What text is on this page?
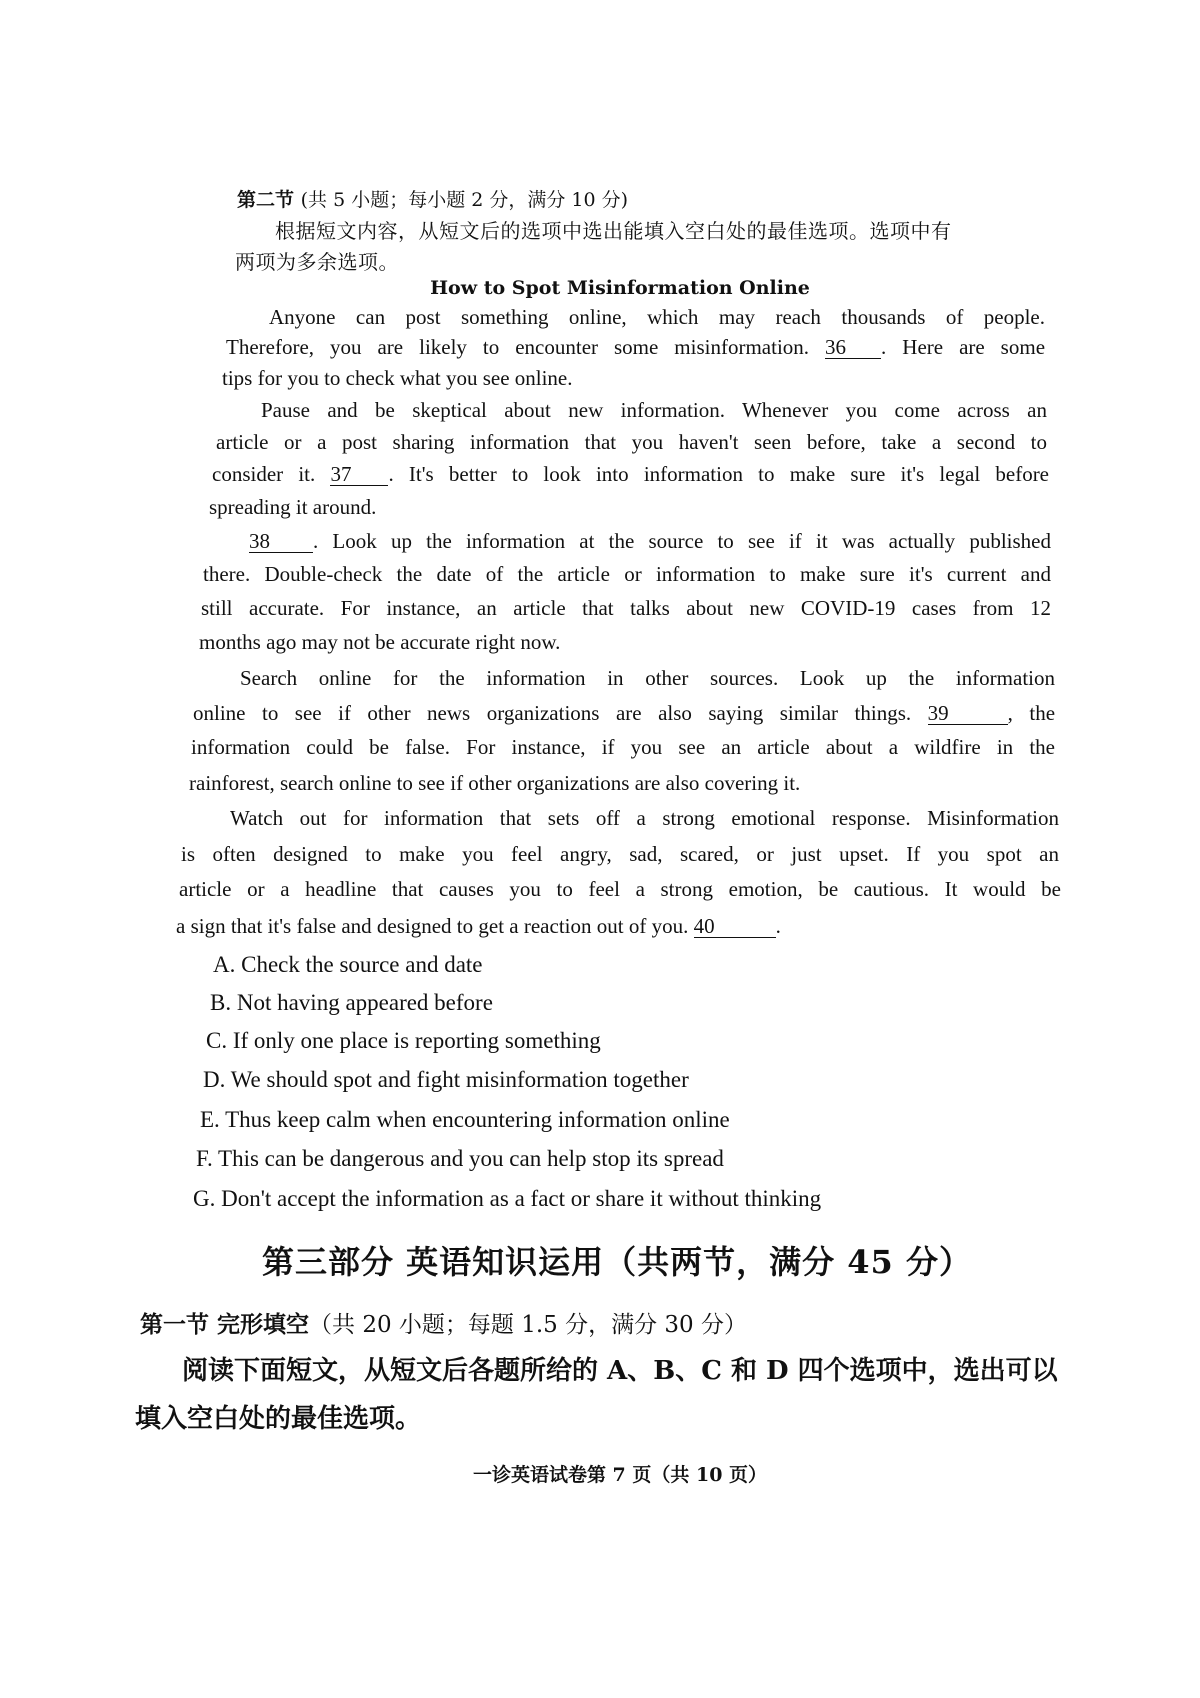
第二节 (共 5 小题；每小题 2 分，满分 10 分)
根据短文内容，从短文后的选项中选出能填入空白处的最佳选项。选项中有
两项为多余选项。
How to Spot Misinformation Online
Anyone can post something online, which may reach thousands of people.
Therefore, you are likely to encounter some misinformation. 36 . Here are some
tips for you to check what you see online.
Pause and be skeptical about new information. Whenever you come across an
article or a post sharing information that you haven't seen before, take a second to
consider it. 37 . It's better to look into information to make sure it's legal before
spreading it around.
38 . Look up the information at the source to see if it was actually published
there. Double-check the date of the article or information to make sure it's current and
still accurate. For instance, an article that talks about new COVID-19 cases from 12
months ago may not be accurate right now.
Search online for the information in other sources. Look up the information
online to see if other news organizations are also saying similar things. 39	, the
information could be false. For instance, if you see an article about a wildfire in the
rainforest, search online to see if other organizations are also covering it.
Watch out for information that sets off a strong emotional response. Misinformation
is often designed to make you feel angry, sad, scared, or just upset. If you spot an
article or a headline that causes you to feel a strong emotion, be cautious. It would be
a sign that it's false and designed to get a reaction out of you. 40	.
A. Check the source and date
B. Not having appeared before
C. If only one place is reporting something
D. We should spot and fight misinformation together
E. Thus keep calm when encountering information online
F. This can be dangerous and you can help stop its spread
G. Don't accept the information as a fact or share it without thinking
第三部分 英语知识运用（共两节，满分 45 分）
第一节 完形填空（共 20 小题；每题 1.5 分，满分 30 分）
阅读下面短文，从短文后各题所给的 A、B、C 和 D 四个选项中，选出可以
填入空白处的最佳选项。
一诊英语试卷第 7 页（共 10 页）
